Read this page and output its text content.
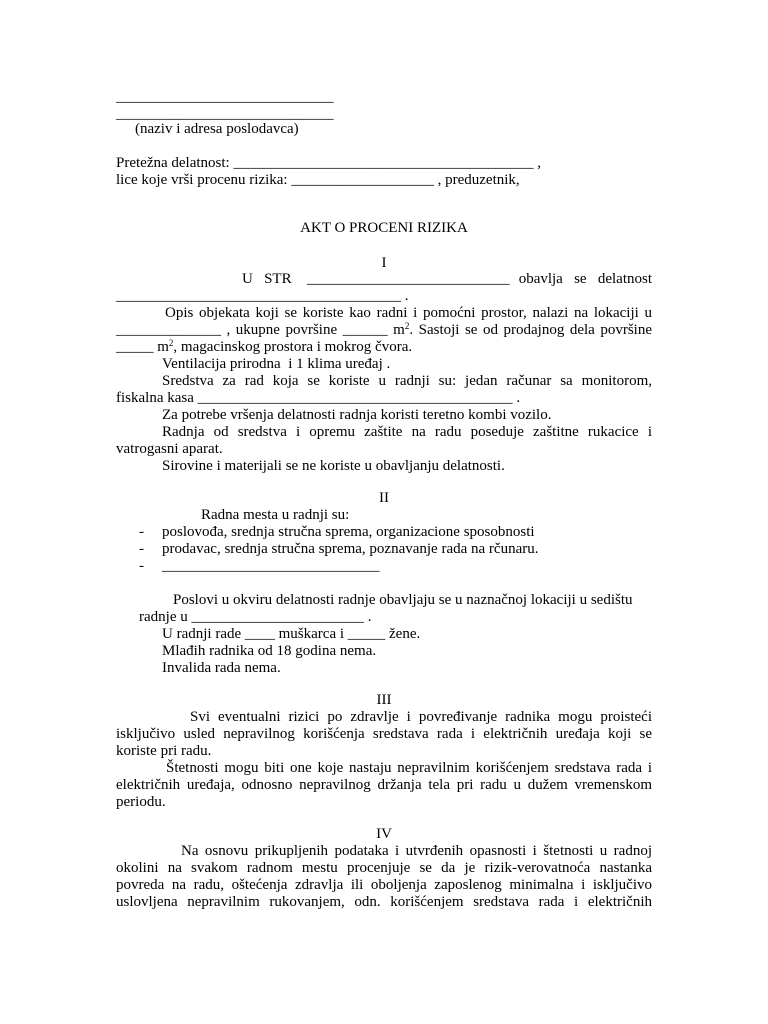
_____________________________
_____________________________
(naziv i adresa poslodavca)
Pretežna delatnost: ________________________________________ ,
lice koje vrši procenu rizika: ___________________ , preduzetnik,
AKT O PROCENI RIZIKA
I
U   STR ___________________________ obavlja   se   delatnost
______________________________________ .
Opis objekata koji se koriste kao radni i pomoćni prostor, nalazi na lokaciji u
______________ , ukupne površine ______ $m^2$. Sastoji se od prodajnog dela površine
_____ $m^2$, magacinskog prostora i mokrog čvora.
Ventilacija prirodna  i 1 klima uređaj .
Sredstva za rad koja se koriste u radnji su: jedan računar sa monitorom,
fiskalna kasa __________________________________________ .
Za potrebe vršenja delatnosti radnja koristi teretno kombi vozilo.
Radnja od sredstva i opremu zaštite na radu poseduje zaštitne rukacice i
vatrogasni aparat.
Sirovine i materijali se ne koriste u obavljanju delatnosti.
II
Radna mesta u radnji su:
- poslovođa, srednja stručna sprema, organizacione sposobnosti
- prodavac, srednja stručna sprema, poznavanje rada na rčunaru.
- _____________________________
Poslovi u okviru delatnosti radnje obavljaju se u naznačnoj lokaciji u sedištu
radnje u _______________________ .
U radnji rade ____ muškarca i _____ žene.
Mlađih radnika od 18 godina nema.
Invalida rada nema.
III
Svi eventualni rizici po zdravlje i povređivanje radnika mogu proisteći
isključivo usled nepravilnog korišćenja sredstava rada i električnih uređaja koji se
koriste pri radu.
Štetnosti mogu biti one koje nastaju nepravilnim korišćenjem sredstava rada i
električnih uređaja, odnosno nepravilnog držanja tela pri radu u dužem vremenskom
periodu.
IV
Na osnovu prikupljenih podataka i utvrđenih opasnosti i štetnosti u radnoj
okolini na svakom radnom mestu procenjuje se da je rizik-verovatnoća nastanka
povreda na radu, oštećenja zdravlja ili oboljenja zaposlenog minimalna i isključivo
uslovljena nepravilnim rukovanjem, odn. korišćenjem sredstava rada i električnih
